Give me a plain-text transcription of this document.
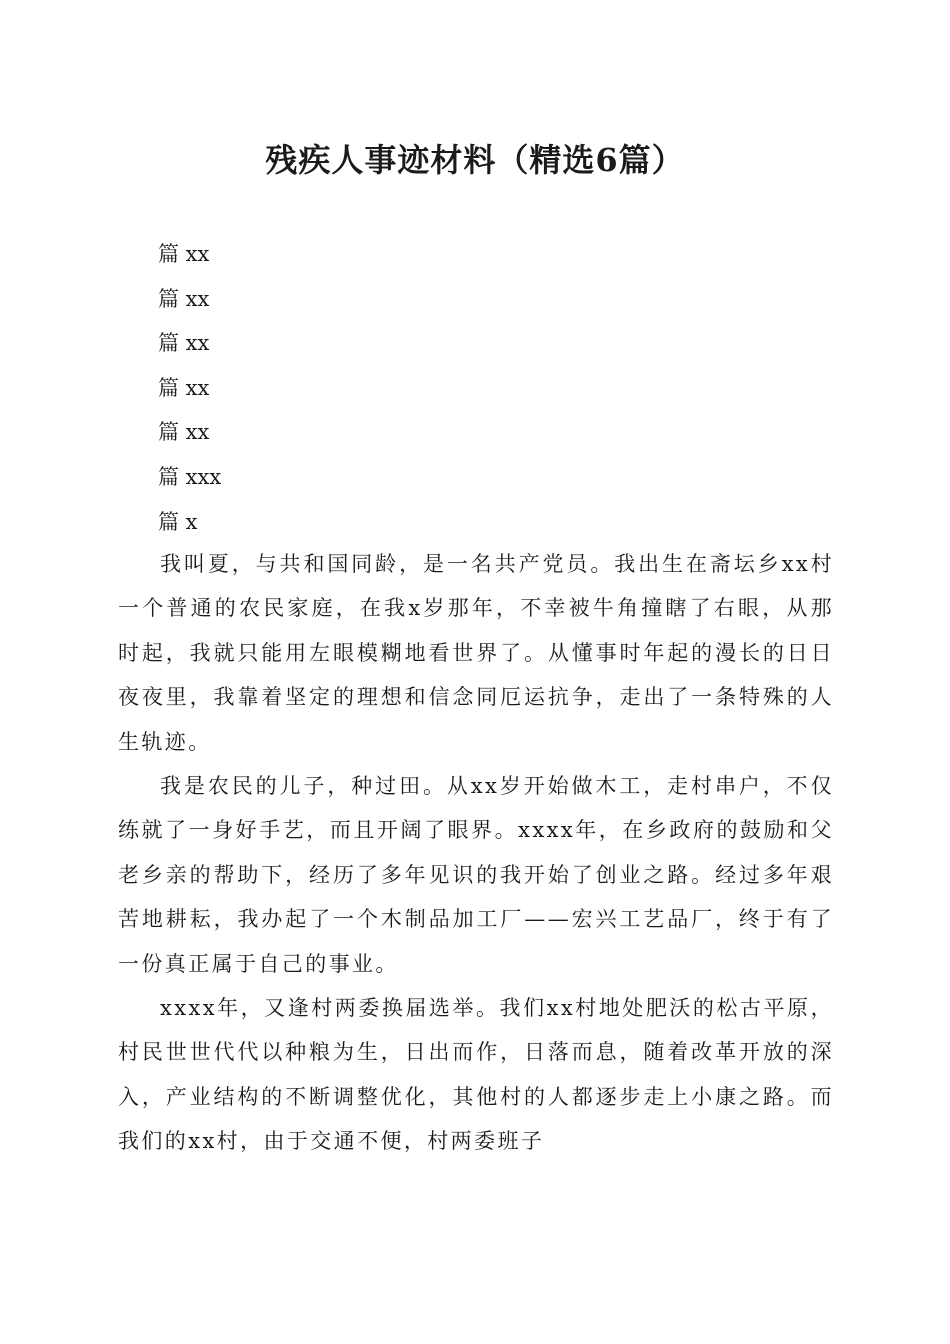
残疾人事迹材料（精选6篇）
篇 xx
篇 xx
篇 xx
篇 xx
篇 xx
篇 xxx
篇 x

我叫夏，与共和国同龄，是一名共产党员。我出生在斋坛乡xx村一个普通的农民家庭，在我x岁那年，不幸被牛角撞瞎了右眼，从那时起，我就只能用左眼模糊地看世界了。从懂事时年起的漫长的日日夜夜里，我靠着坚定的理想和信念同厄运抗争，走出了一条特殊的人生轨迹。

我是农民的儿子，种过田。从xx岁开始做木工，走村串户，不仅练就了一身好手艺，而且开阔了眼界。xxxx年，在乡政府的鼓励和父老乡亲的帮助下，经历了多年见识的我开始了创业之路。经过多年艰苦地耕耘，我办起了一个木制品加工厂——宏兴工艺品厂，终于有了一份真正属于自己的事业。

xxxx年，又逢村两委换届选举。我们xx村地处肥沃的松古平原，村民世世代代以种粮为生，日出而作，日落而息，随着改革开放的深入，产业结构的不断调整优化，其他村的人都逐步走上小康之路。而我们的xx村，由于交通不便，村两委班子
